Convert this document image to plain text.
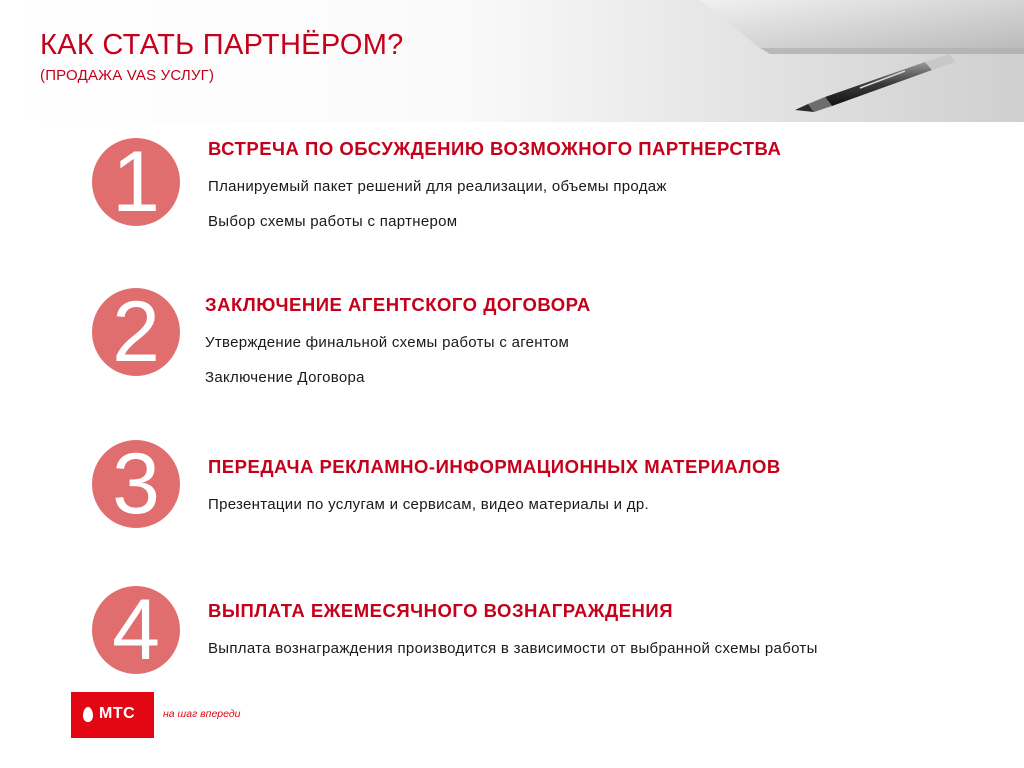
КАК СТАТЬ ПАРТНЁРОМ?

(ПРОДАЖА VAS УСЛУГ)

1	ВСТРЕЧА ПО ОБСУЖДЕНИЮ ВОЗМОЖНОГО ПАРТНЕРСТВА

Планируемый пакет решений для реализации, объемы продаж

Выбор схемы работы с партнером

2	ЗАКЛЮЧЕНИЕ АГЕНТСКОГО ДОГОВОРА

Утверждение финальной схемы работы с агентом

Заключение Договора

3	ПЕРЕДАЧА РЕКЛАМНО-ИНФОРМАЦИОННЫХ МАТЕРИАЛОВ

Презентации по услугам и сервисам, видео материалы и др.

4	ВЫПЛАТА ЕЖЕМЕСЯЧНОГО ВОЗНАГРАЖДЕНИЯ

Выплата вознаграждения производится в зависимости от выбранной схемы работы

МТС	на шаг впереди
